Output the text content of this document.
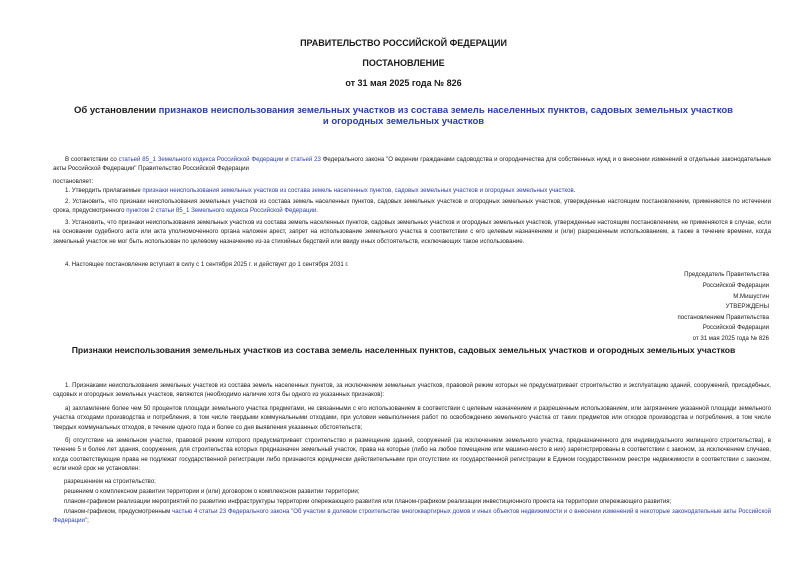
ПРАВИТЕЛЬСТВО РОССИЙСКОЙ ФЕДЕРАЦИИ
ПОСТАНОВЛЕНИЕ
от 31 мая 2025 года № 826
Об установлении признаков неиспользования земельных участков из состава земель населенных пунктов, садовых земельных участков и огородных земельных участков
В соответствии со статьей 85_1 Земельного кодекса Российской Федерации и статьей 23 Федерального закона "О ведении гражданами садоводства и огородничества для собственных нужд и о внесении изменений в отдельные законодательные акты Российской Федерации" Правительство Российской Федерации
постановляет:
1. Утвердить прилагаемые признаки неиспользования земельных участков из состава земель населенных пунктов, садовых земельных участков и огородных земельных участков.
2. Установить, что признаки неиспользования земельных участков из состава земель населенных пунктов, садовых земельных участков и огородных земельных участков, утвержденные настоящим постановлением, применяются по истечении срока, предусмотренного пунктом 2 статьи 85_1 Земельного кодекса Российской Федерации.
3. Установить, что признаки неиспользования земельных участков из состава земель населенных пунктов, садовых земельных участков и огородных земельных участков, утвержденные настоящим постановлением, не применяются в случае, если на основании судебного акта или акта уполномоченного органа наложен арест, запрет на использование земельного участка в соответствии с его целевым назначением и (или) разрешенным использованием, а также в течение времени, когда земельный участок не мог быть использован по целевому назначению из-за стихийных бедствий или ввиду иных обстоятельств, исключающих такое использование.
4. Настоящее постановление вступает в силу с 1 сентября 2025 г. и действует до 1 сентября 2031 г.
Председатель Правительства
Российской Федерации
М.Мишустин
УТВЕРЖДЕНЫ
постановлением Правительства
Российской Федерации
от 31 мая 2025 года № 826
Признаки неиспользования земельных участков из состава земель населенных пунктов, садовых земельных участков и огородных земельных участков
1. Признаками неиспользования земельных участков из состава земель населенных пунктов, за исключением земельных участков, правовой режим которых не предусматривает строительство и эксплуатацию зданий, сооружений, присадебных, садовых и огородных земельных участков, являются (необходимо наличие хотя бы одного из указанных признаков):
а) захламление более чем 50 процентов площади земельного участка предметами, не связанными с его использованием в соответствии с целевым назначением и разрешенным использованием, или загрязнение указанной площади земельного участка отходами производства и потребления, в том числе твердыми коммунальными отходами, при условии невыполнения работ по освобождению земельного участка от таких предметов или отходов производства и потребления, в том числе твердых коммунальных отходов, в течение одного года и более со дня выявления указанных обстоятельств;
б) отсутствие на земельном участке, правовой режим которого предусматривает строительство и размещение зданий, сооружений (за исключением земельного участка, предназначенного для индивидуального жилищного строительства), в течение 5 и более лет здания, сооружения, для строительства которых предназначен земельный участок, права на которые (либо на любое помещение или машино-место в них) зарегистрированы в соответствии с законом, за исключением случаев, когда соответствующие права не подлежат государственной регистрации либо признаются юридически действительными при отсутствии их государственной регистрации в Едином государственном реестре недвижимости в соответствии с законом, если иной срок не установлен:
разрешением на строительство;
решением о комплексном развитии территории и (или) договором о комплексном развитии территории;
планом-графиком реализации мероприятий по развитию инфраструктуры территории опережающего развития или планом-графиком реализации инвестиционного проекта на территории опережающего развития;
планом-графиком, предусмотренным частью 4 статьи 23 Федерального закона "Об участии в долевом строительстве многоквартирных домов и иных объектов недвижимости и о внесении изменений в некоторые законодательные акты Российской Федерации";
